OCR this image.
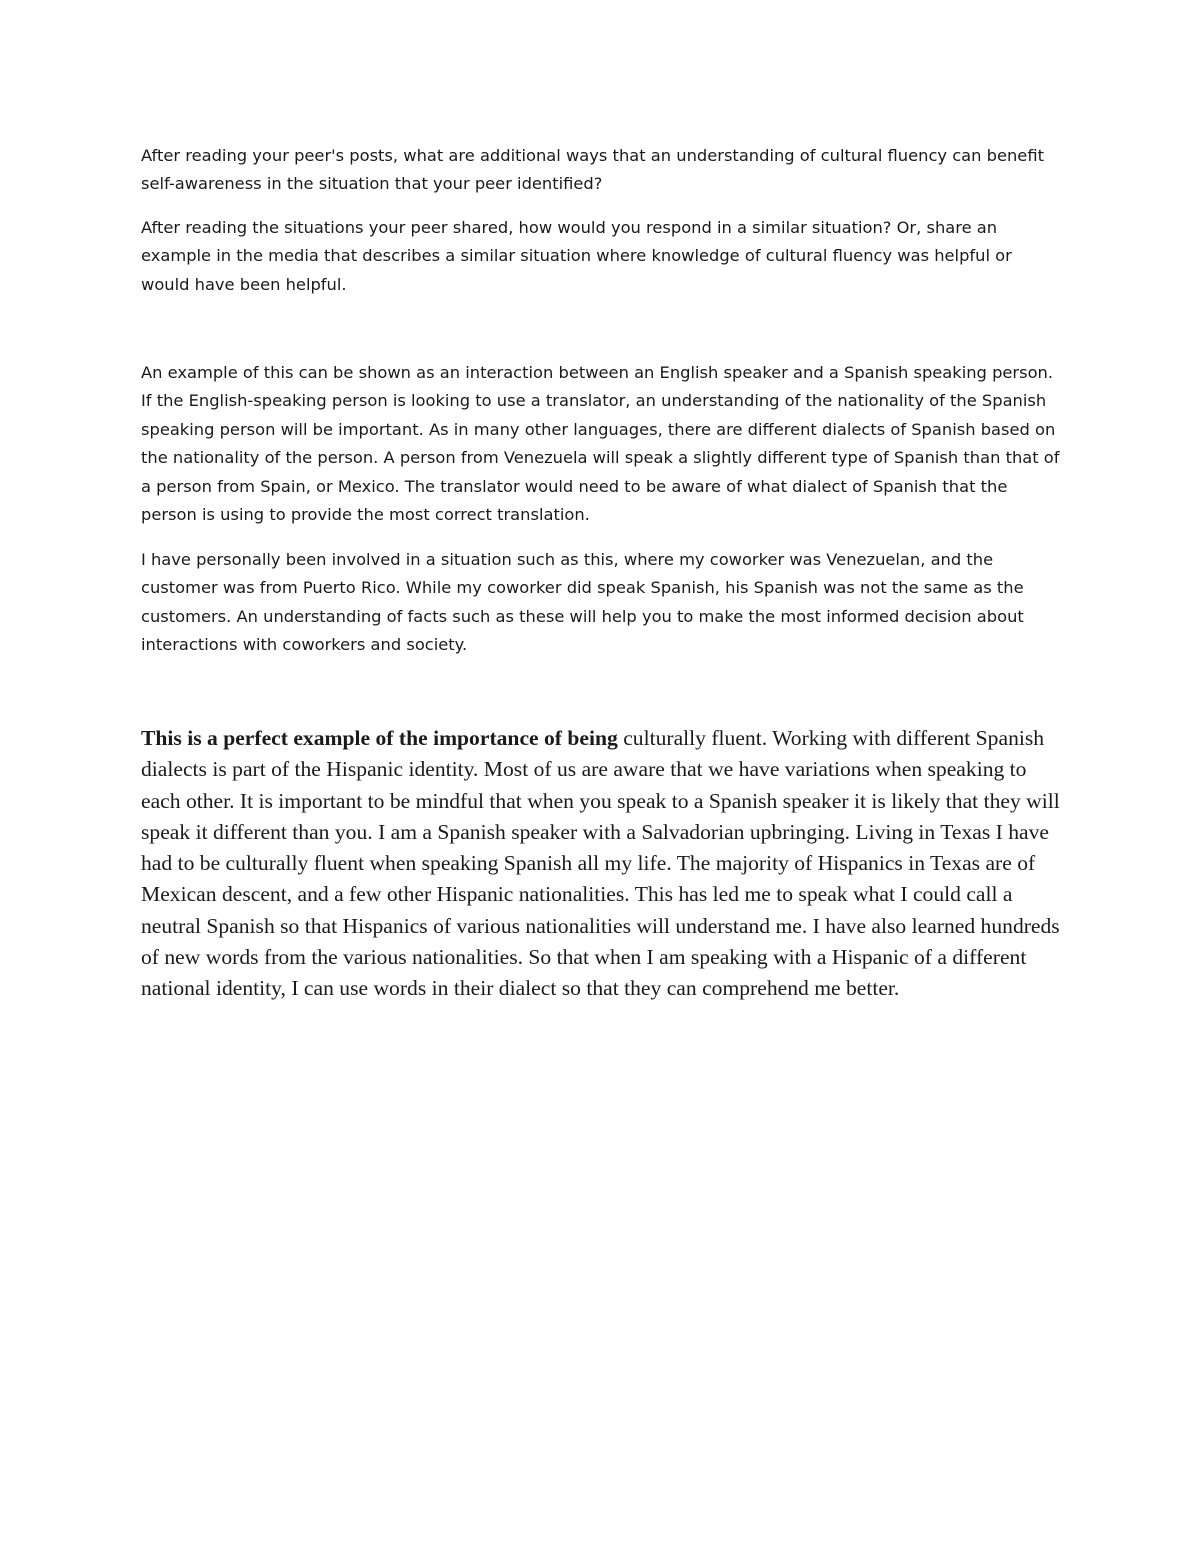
After reading your peer's posts, what are additional ways that an understanding of cultural fluency can benefit self-awareness in the situation that your peer identified?

After reading the situations your peer shared, how would you respond in a similar situation? Or, share an example in the media that describes a similar situation where knowledge of cultural fluency was helpful or would have been helpful.

An example of this can be shown as an interaction between an English speaker and a Spanish speaking person. If the English-speaking person is looking to use a translator, an understanding of the nationality of the Spanish speaking person will be important. As in many other languages, there are different dialects of Spanish based on the nationality of the person. A person from Venezuela will speak a slightly different type of Spanish than that of a person from Spain, or Mexico. The translator would need to be aware of what dialect of Spanish that the person is using to provide the most correct translation.

I have personally been involved in a situation such as this, where my coworker was Venezuelan, and the customer was from Puerto Rico. While my coworker did speak Spanish, his Spanish was not the same as the customers. An understanding of facts such as these will help you to make the most informed decision about interactions with coworkers and society.

This is a perfect example of the importance of being culturally fluent. Working with different Spanish dialects is part of the Hispanic identity. Most of us are aware that we have variations when speaking to each other. It is important to be mindful that when you speak to a Spanish speaker it is likely that they will speak it different than you. I am a Spanish speaker with a Salvadorian upbringing. Living in Texas I have had to be culturally fluent when speaking Spanish all my life. The majority of Hispanics in Texas are of Mexican descent, and a few other Hispanic nationalities. This has led me to speak what I could call a neutral Spanish so that Hispanics of various nationalities will understand me. I have also learned hundreds of new words from the various nationalities. So that when I am speaking with a Hispanic of a different national identity, I can use words in their dialect so that they can comprehend me better.
